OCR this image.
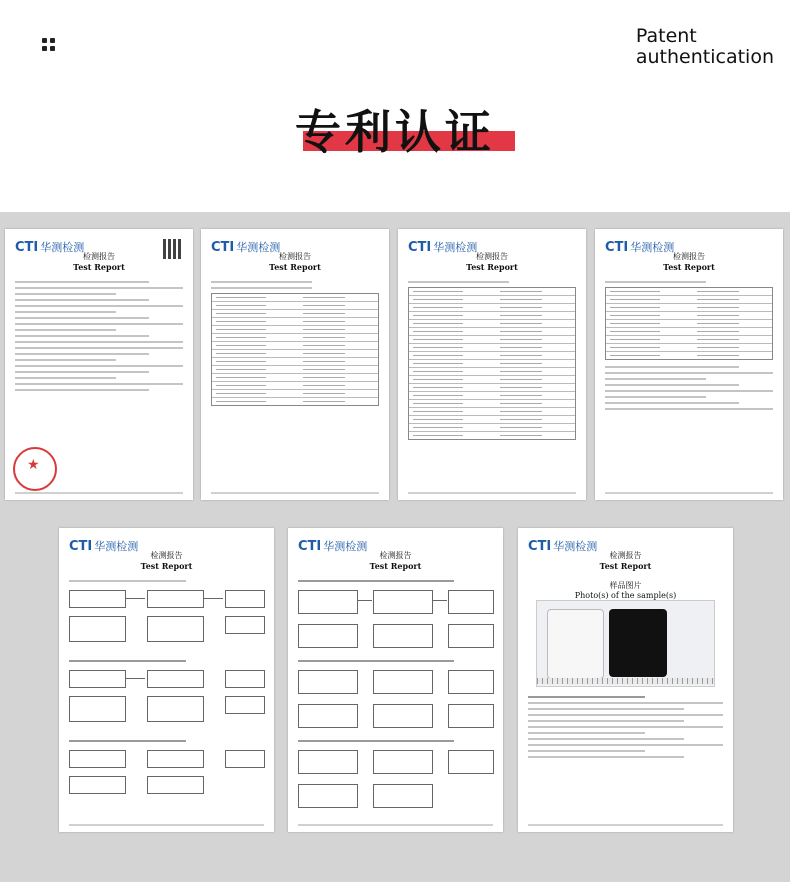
Patent
authentication
专利认证
CTI 华测检测
检测报告
Test Report
★
CTI 华测检测
检测报告
Test Report
CTI 华测检测
检测报告
Test Report
CTI 华测检测
检测报告
Test Report
CTI 华测检测
检测报告
Test Report
CTI 华测检测
检测报告
Test Report
CTI 华测检测
检测报告
Test Report
样品图片
Photo(s) of the sample(s)
